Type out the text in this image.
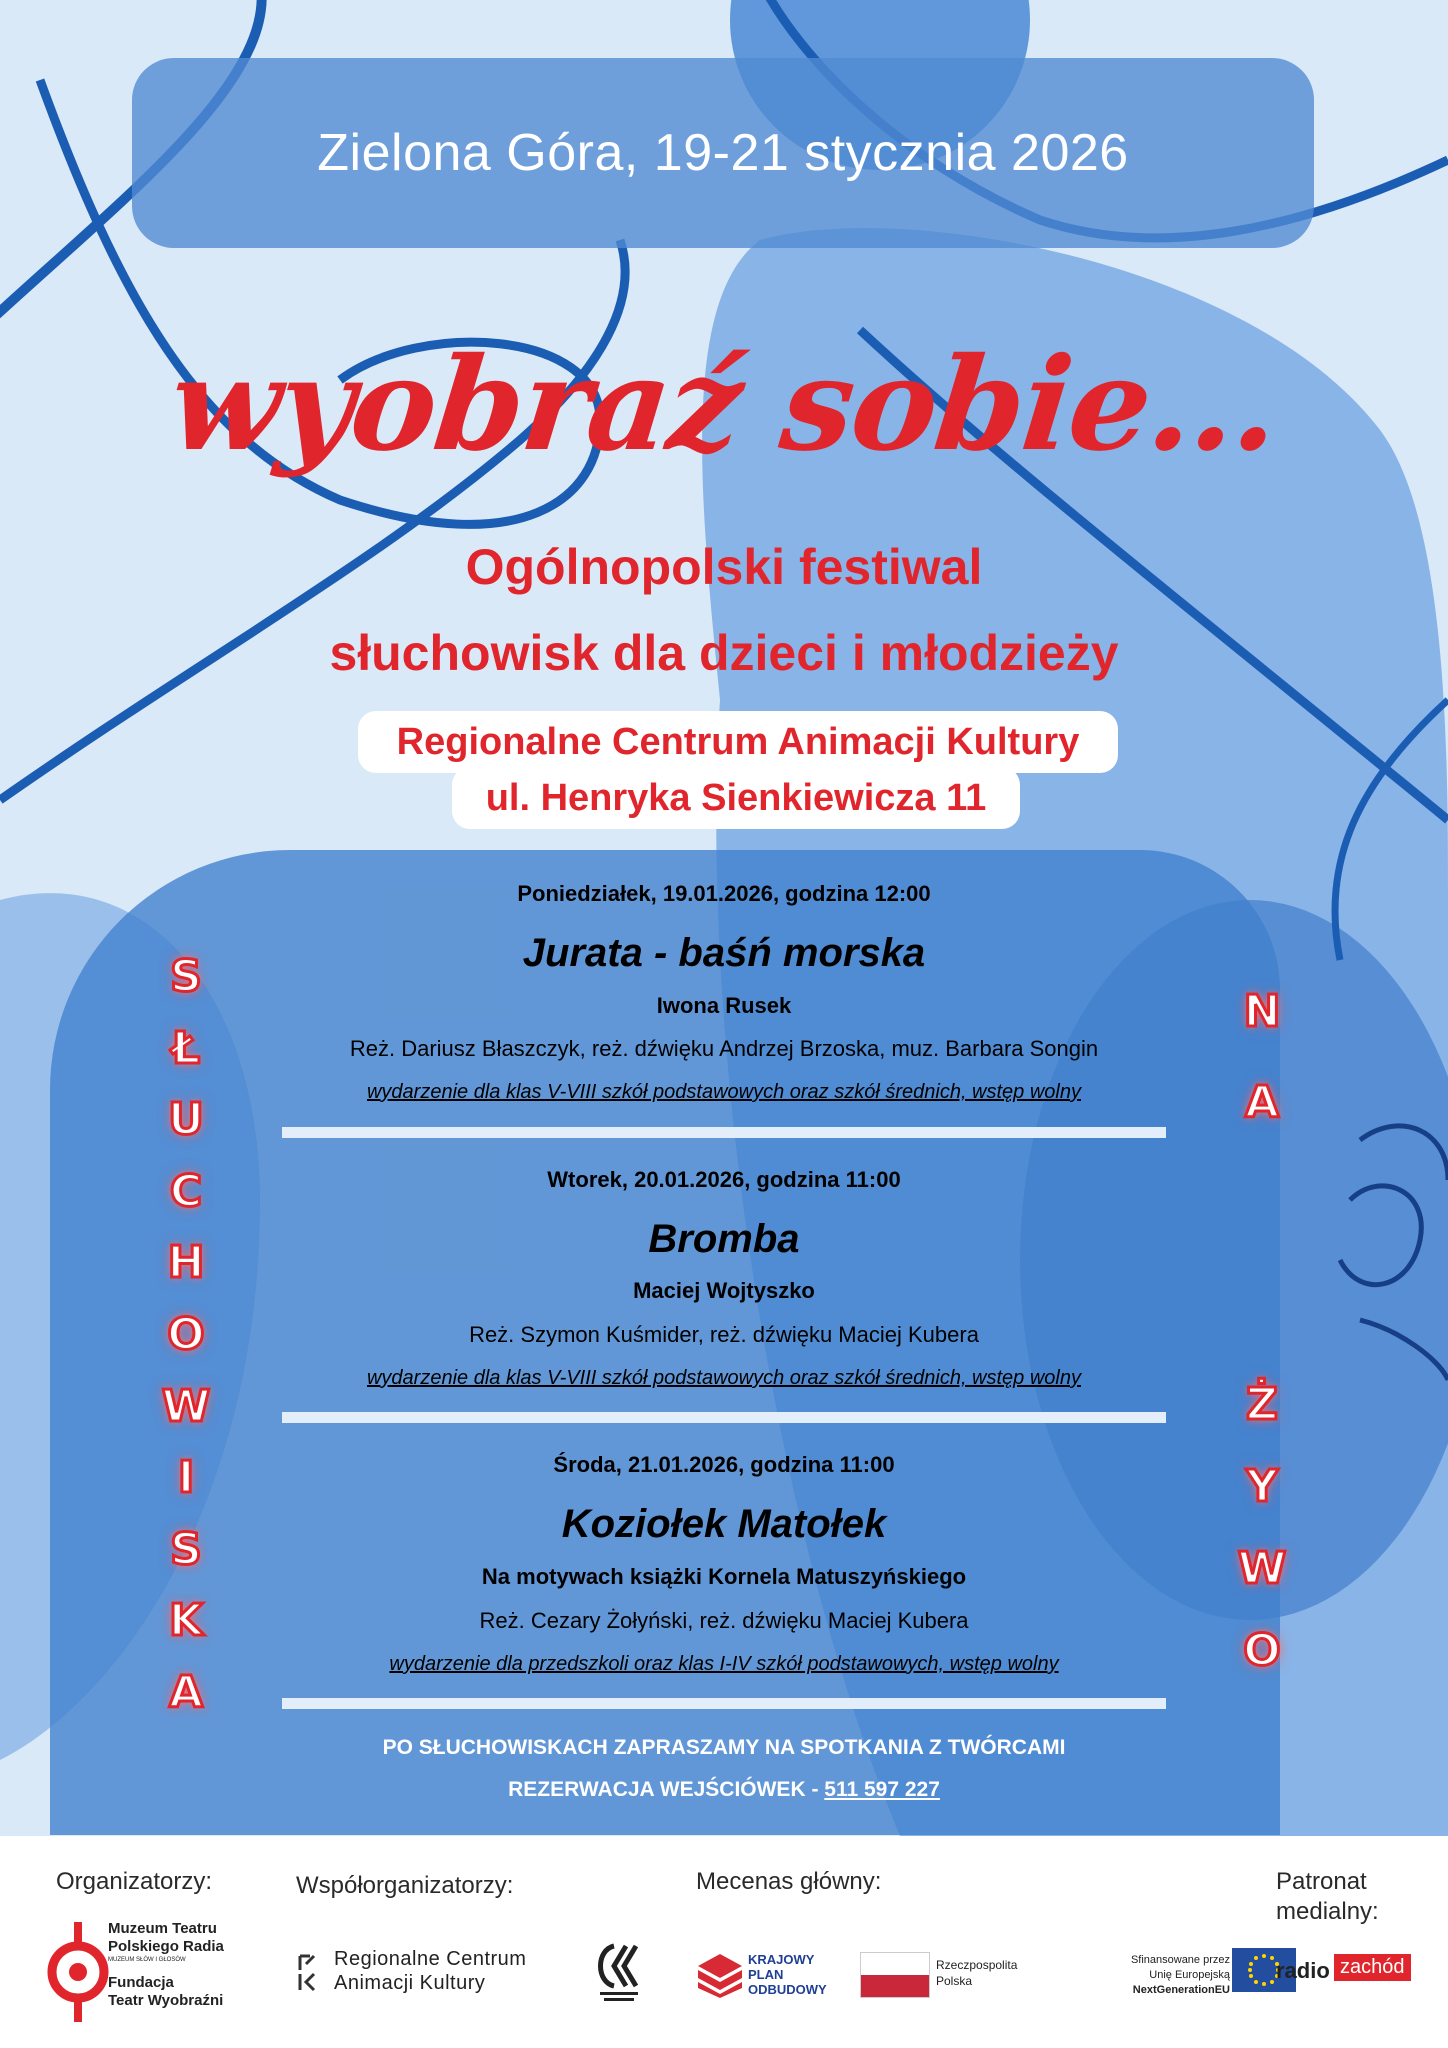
Zielona Góra, 19-21 stycznia 2026
wyobraź sobie...
Ogólnopolski festiwal
słuchowisk dla dzieci i młodzieży
Regionalne Centrum Animacji Kultury
ul. Henryka Sienkiewicza 11
Poniedziałek, 19.01.2026, godzina 12:00
Jurata - baśń morska
Iwona Rusek
Reż. Dariusz Błaszczyk, reż. dźwięku Andrzej Brzoska, muz. Barbara Songin
wydarzenie dla klas V-VIII szkół podstawowych oraz szkół średnich, wstęp wolny
Wtorek, 20.01.2026, godzina 11:00
Bromba
Maciej Wojtyszko
Reż. Szymon Kuśmider, reż. dźwięku Maciej Kubera
wydarzenie dla klas V-VIII szkół podstawowych oraz szkół średnich, wstęp wolny
Środa, 21.01.2026, godzina 11:00
Koziołek Matołek
Na motywach książki Kornela Matuszyńskiego
Reż. Cezary Żołyński, reż. dźwięku Maciej Kubera
wydarzenie dla przedszkoli oraz klas I-IV szkół podstawowych, wstęp wolny
PO SŁUCHOWISKACH ZAPRASZAMY NA SPOTKANIA Z TWÓRCAMI
REZERWACJA WEJŚCIÓWEK - 511 597 227
S
Ł
U
C
H
O
W
I
S
K
A
N
A
Ż
Y
W
O
Organizatorzy:	Współorganizatorzy:	Mecenas główny:	Patronat
medialny:
Muzeum Teatru
Polskiego Radia
MUZEUM SŁÓW I GŁOSÓW
Fundacja
Teatr Wyobraźni
Regionalne Centrum
Animacji Kultury
KRAJOWY
PLAN
ODBUDOWY
Rzeczpospolita
Polska
Sfinansowane przez
Unię Europejską
NextGenerationEU
radio zachód
